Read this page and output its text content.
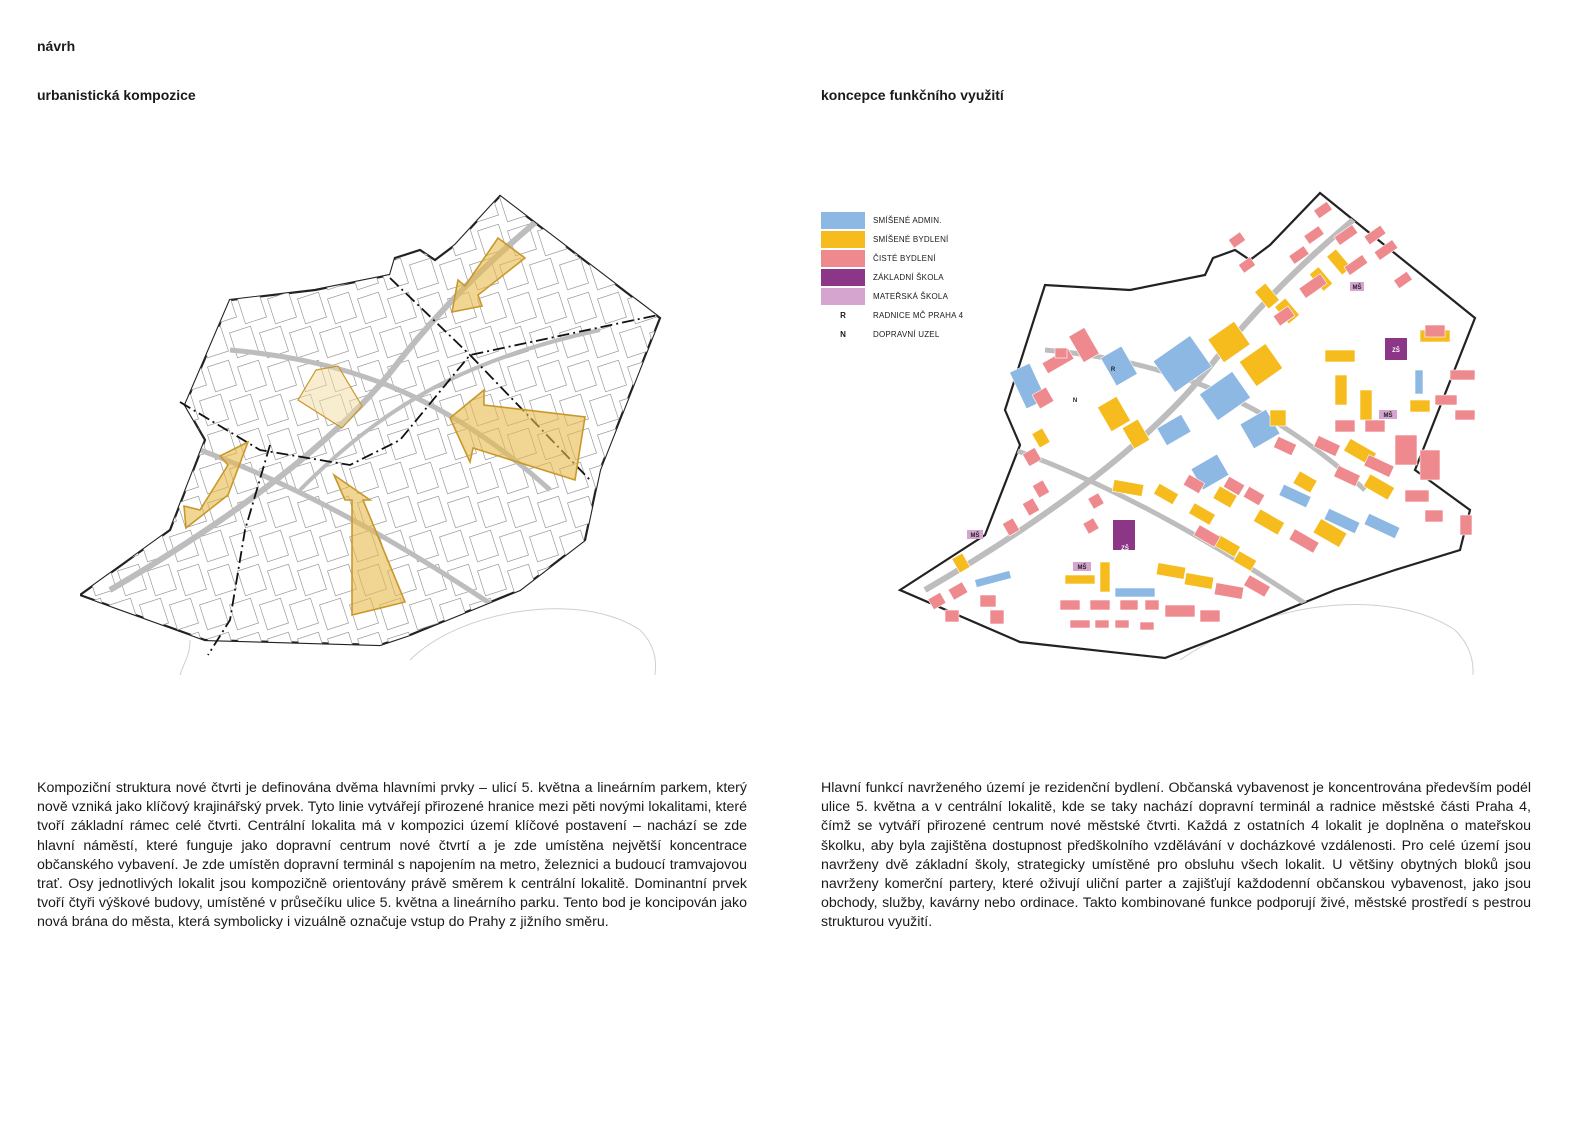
návrh
urbanistická kompozice	koncepce funkčního využití
ZŠ
ZŠ
MŠ
MŠ
MŠ
MŠ
R
N
SMÍŠENÉ ADMIN.
SMÍŠENÉ BYDLENÍ
ČISTÉ BYDLENÍ
ZÁKLADNÍ ŠKOLA
MATEŘSKÁ ŠKOLA
R	RADNICE MČ PRAHA 4
N	DOPRAVNÍ UZEL
Kompoziční struktura nové čtvrti je definována dvěma hlavními prvky – ulicí 5. května a lineárním parkem, který nově vzniká jako klíčový krajinářský prvek. Tyto linie vytvářejí přirozené hranice mezi pěti novými lokalitami, které tvoří základní rámec celé čtvrti. Centrální lokalita má v kompozici území klíčové postavení – nachází se zde hlavní náměstí, které funguje jako dopravní centrum nové čtvrtí a je zde umístěna největší koncentrace občanského vybavení. Je zde umístěn dopravní terminál s napojením na metro, železnici a budoucí tramvajovou trať. Osy jednotlivých lokalit jsou kompozičně orientovány právě směrem k centrální lokalitě. Dominantní prvek tvoří čtyři výškové budovy, umístěné v průsečíku ulice 5. května a lineárního parku. Tento bod je koncipován jako nová brána do města, která symbolicky i vizuálně označuje vstup do Prahy z jižního směru.
Hlavní funkcí navrženého území je rezidenční bydlení. Občanská vybavenost je koncentrována především podél ulice 5. května a v centrální lokalitě, kde se taky nachází dopravní terminál a radnice městské části Praha 4, čímž se vytváří přirozené centrum nové městské čtvrti. Každá z ostatních 4 lokalit je doplněna o mateřskou školku, aby byla zajištěna dostupnost předškolního vzdělávání v docházkové vzdálenosti. Pro celé území jsou navrženy dvě základní školy, strategicky umístěné pro obsluhu všech lokalit. U většiny obytných bloků jsou navrženy komerční partery, které oživují uliční parter a zajišťují každodenní občanskou vybavenost, jako jsou obchody, služby, kavárny nebo ordinace. Takto kombinované funkce podporují živé, městské prostředí s pestrou strukturou využití.
